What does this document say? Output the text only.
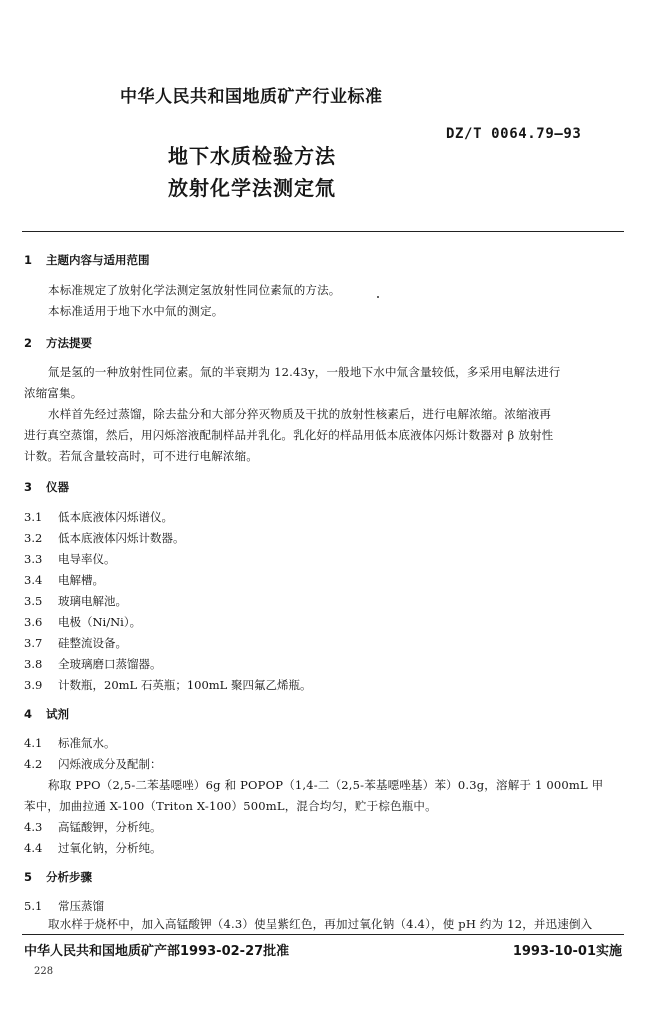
中华人民共和国地质矿产行业标准
DZ/T 0064.79—93
地下水质检验方法
放射化学法测定氚
1 主题内容与适用范围
本标准规定了放射化学法测定氢放射性同位素氚的方法。
本标准适用于地下水中氚的测定。
2 方法提要
氚是氢的一种放射性同位素。氚的半衰期为 12.43y，一般地下水中氚含量较低，多采用电解法进行
浓缩富集。
水样首先经过蒸馏，除去盐分和大部分猝灭物质及干扰的放射性核素后，进行电解浓缩。浓缩液再
进行真空蒸馏，然后，用闪烁溶液配制样品并乳化。乳化好的样品用低本底液体闪烁计数器对 β 放射性
计数。若氚含量较高时，可不进行电解浓缩。
3 仪器
3.1 低本底液体闪烁谱仪。
3.2 低本底液体闪烁计数器。
3.3 电导率仪。
3.4 电解槽。
3.5 玻璃电解池。
3.6 电极（Ni/Ni）。
3.7 硅整流设备。
3.8 全玻璃磨口蒸馏器。
3.9 计数瓶，20mL 石英瓶；100mL 聚四氟乙烯瓶。
4 试剂
4.1 标准氚水。
4.2 闪烁液成分及配制：
称取 PPO（2,5-二苯基噁唑）6g 和 POPOP（1,4-二（2,5-苯基噁唑基）苯）0.3g，溶解于 1 000mL 甲
苯中，加曲拉通 X-100（Triton X-100）500mL，混合均匀，贮于棕色瓶中。
4.3 高锰酸钾，分析纯。
4.4 过氧化钠，分析纯。
5 分析步骤
5.1 常压蒸馏
取水样于烧杯中，加入高锰酸钾（4.3）使呈紫红色，再加过氧化钠（4.4），使 pH 约为 12，并迅速倒入
中华人民共和国地质矿产部1993-02-27批准	1993-10-01实施
228
